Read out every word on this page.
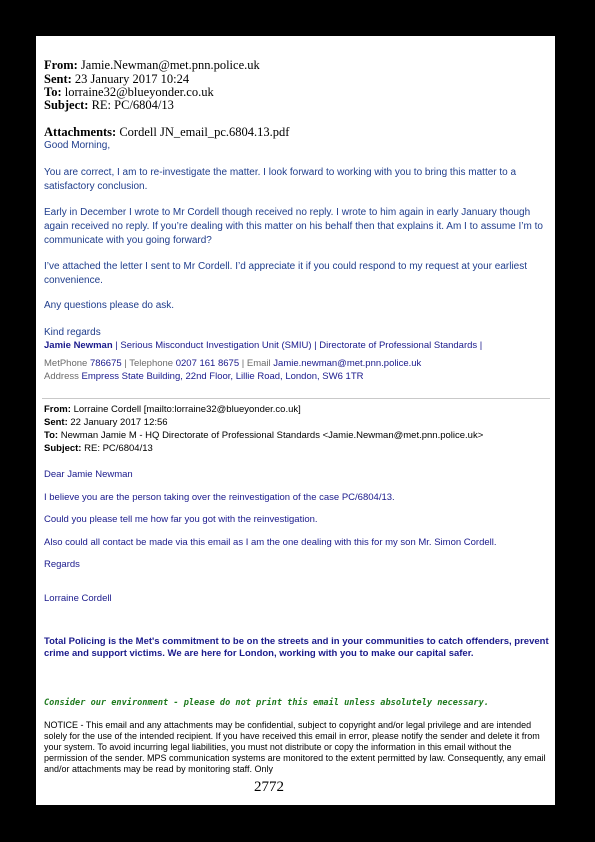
From: Jamie.Newman@met.pnn.police.uk
Sent: 23 January 2017 10:24
To: lorraine32@blueyonder.co.uk
Subject: RE: PC/6804/13
Attachments: Cordell JN_email_pc.6804.13.pdf
Good Morning,
You are correct, I am to re-investigate the matter. I look forward to working with you to bring this matter to a satisfactory conclusion.
Early in December I wrote to Mr Cordell though received no reply. I wrote to him again in early January though again received no reply. If you’re dealing with this matter on his behalf then that explains it. Am I to assume I’m to communicate with you going forward?
I’ve attached the letter I sent to Mr Cordell. I’d appreciate it if you could respond to my request at your earliest convenience.
Any questions please do ask.
Kind regards
Jamie Newman | Serious Misconduct Investigation Unit (SMIU) | Directorate of Professional Standards |
MetPhone 786675 | Telephone 0207 161 8675 | Email Jamie.newman@met.pnn.police.uk
Address Empress State Building, 22nd Floor, Lillie Road, London, SW6 1TR
From: Lorraine Cordell [mailto:lorraine32@blueyonder.co.uk]
Sent: 22 January 2017 12:56
To: Newman Jamie M - HQ Directorate of Professional Standards <Jamie.Newman@met.pnn.police.uk>
Subject: RE: PC/6804/13
Dear Jamie Newman
I believe you are the person taking over the reinvestigation of the case PC/6804/13.
Could you please tell me how far you got with the reinvestigation.
Also could all contact be made via this email as I am the one dealing with this for my son Mr. Simon Cordell.
Regards
Lorraine Cordell
Total Policing is the Met's commitment to be on the streets and in your communities to catch offenders, prevent crime and support victims. We are here for London, working with you to make our capital safer.
Consider our environment - please do not print this email unless absolutely necessary.
NOTICE - This email and any attachments may be confidential, subject to copyright and/or legal privilege and are intended solely for the use of the intended recipient. If you have received this email in error, please notify the sender and delete it from your system. To avoid incurring legal liabilities, you must not distribute or copy the information in this email without the permission of the sender. MPS communication systems are monitored to the extent permitted by law. Consequently, any email and/or attachments may be read by monitoring staff. Only
2772
